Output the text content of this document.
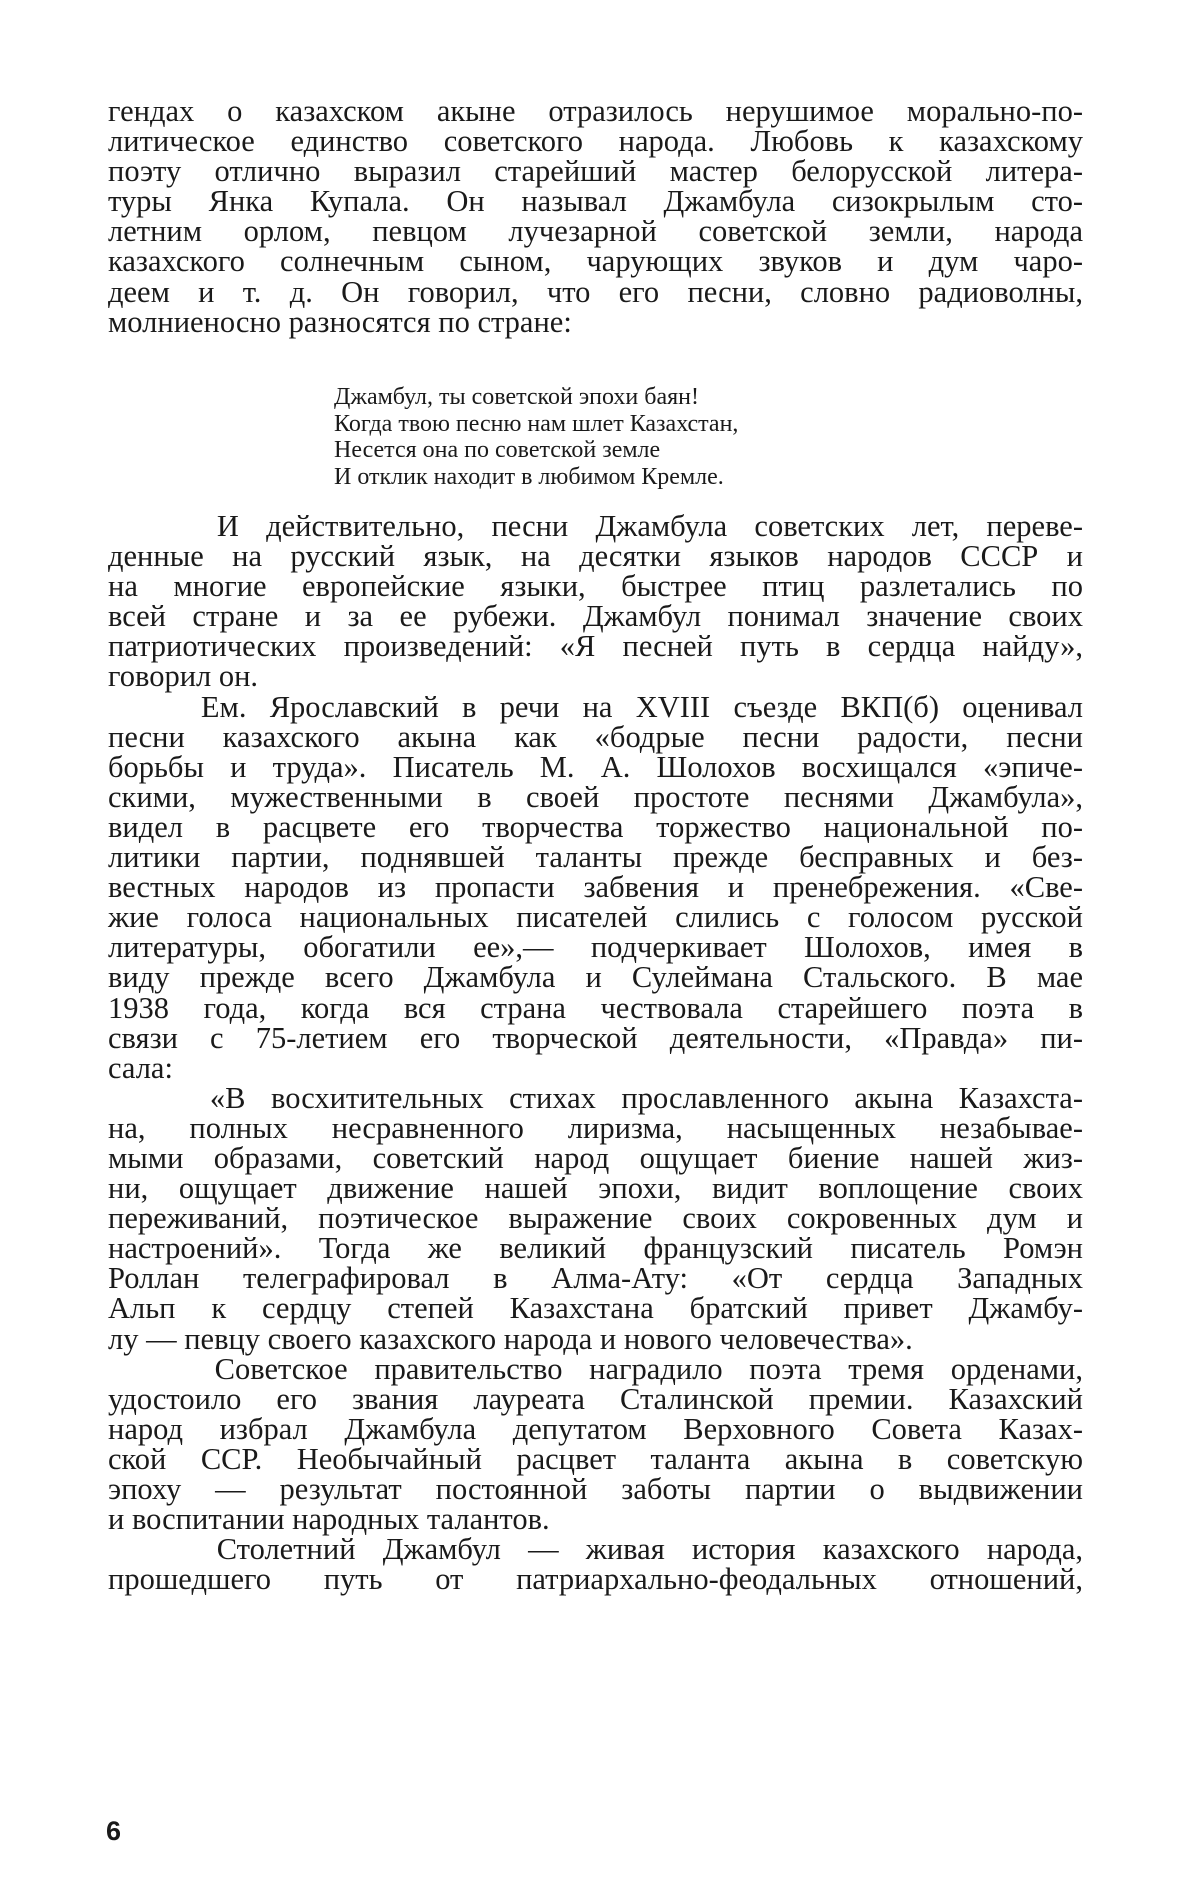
гендах о казахском акыне отразилось нерушимое морально-по-
литическое единство советского народа. Любовь к казахскому
поэту отлично выразил старейший мастер белорусской литера-
туры Янка Купала. Он называл Джамбула сизокрылым сто-
летним орлом, певцом лучезарной советской земли, народа
казахского солнечным сыном, чарующих звуков и дум чаро-
деем и т. д. Он говорил, что его песни, словно радиоволны,
молниеносно разносятся по стране:
Джамбул, ты советской эпохи баян!
Когда твою песню нам шлет Казахстан,
Несется она по советской земле
И отклик находит в любимом Кремле.
И действительно, песни Джамбула советских лет, переве-
денные на русский язык, на десятки языков народов СССР и
на многие европейские языки, быстрее птиц разлетались по
всей стране и за ее рубежи. Джамбул понимал значение своих
патриотических произведений: «Я песней путь в сердца найду»,
говорил он.
Ем. Ярославский в речи на XVIII съезде ВКП(б) оценивал
песни казахского акына как «бодрые песни радости, песни
борьбы и труда». Писатель М. А. Шолохов восхищался «эпиче-
скими, мужественными в своей простоте песнями Джамбула»,
видел в расцвете его творчества торжество национальной по-
литики партии, поднявшей таланты прежде бесправных и без-
вестных народов из пропасти забвения и пренебрежения. «Све-
жие голоса национальных писателей слились с голосом русской
литературы, обогатили ее»,— подчеркивает Шолохов, имея в
виду прежде всего Джамбула и Сулеймана Стальского. В мае
1938 года, когда вся страна чествовала старейшего поэта в
связи с 75-летием его творческой деятельности, «Правда» пи-
сала:
«В восхитительных стихах прославленного акына Казахста-
на, полных несравненного лиризма, насыщенных незабывае-
мыми образами, советский народ ощущает биение нашей жиз-
ни, ощущает движение нашей эпохи, видит воплощение своих
переживаний, поэтическое выражение своих сокровенных дум и
настроений». Тогда же великий французский писатель Ромэн
Роллан телеграфировал в Алма-Ату: «От сердца Западных
Альп к сердцу степей Казахстана братский привет Джамбу-
лу — певцу своего казахского народа и нового человечества».
Советское правительство наградило поэта тремя орденами,
удостоило его звания лауреата Сталинской премии. Казахский
народ избрал Джамбула депутатом Верховного Совета Казах-
ской ССР. Необычайный расцвет таланта акына в советскую
эпоху — результат постоянной заботы партии о выдвижении
и воспитании народных талантов.
Столетний Джамбул — живая история казахского народа,
прошедшего путь от патриархально-феодальных отношений,
6
